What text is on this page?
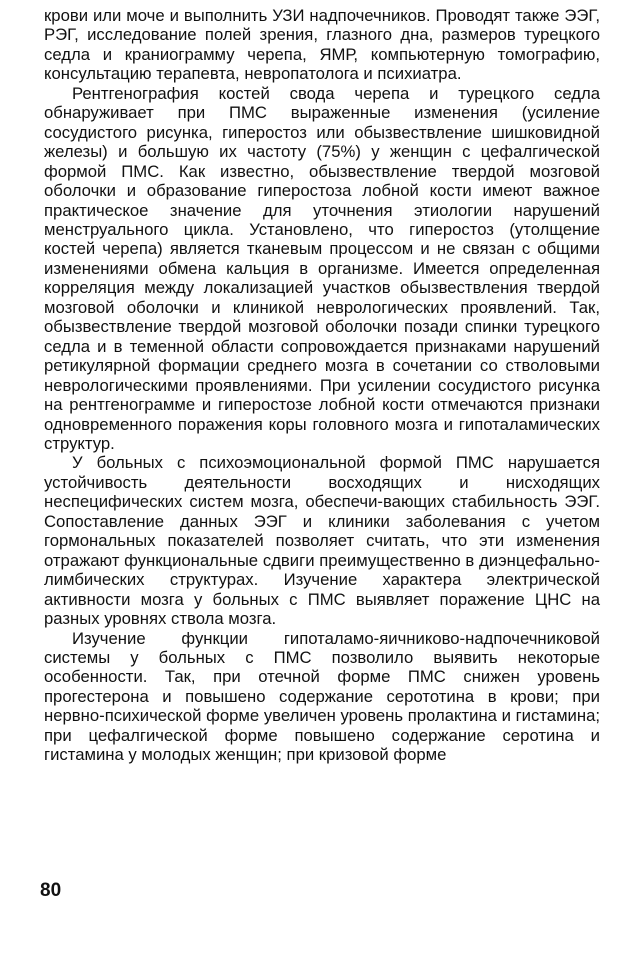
крови или моче и выполнить УЗИ надпочечников. Проводят также ЭЭГ, РЭГ, исследование полей зрения, глазного дна, размеров турецкого седла и краниограмму черепа, ЯМР, компьютерную томографию, консультацию терапевта, невропатолога и психиатра.

Рентгенография костей свода черепа и турецкого седла обнаруживает при ПМС выраженные изменения (усиление сосудистого рисунка, гиперостоз или обызвествление шишковидной железы) и большую их частоту (75%) у женщин с цефалгической формой ПМС. Как известно, обызвествление твердой мозговой оболочки и образование гиперостоза лобной кости имеют важное практическое значение для уточнения этиологии нарушений менструального цикла. Установлено, что гиперостоз (утолщение костей черепа) является тканевым процессом и не связан с общими изменениями обмена кальция в организме. Имеется определенная корреляция между локализацией участков обызвествления твердой мозговой оболочки и клиникой неврологических проявлений. Так, обызвествление твердой мозговой оболочки позади спинки турецкого седла и в теменной области сопровождается признаками нарушений ретикулярной формации среднего мозга в сочетании со стволовыми неврологическими проявлениями. При усилении сосудистого рисунка на рентгенограмме и гиперостозе лобной кости отмечаются признаки одновременного поражения коры головного мозга и гипоталамических структур.

У больных с психоэмоциональной формой ПМС нарушается устойчивость деятельности восходящих и нисходящих неспецифических систем мозга, обеспечи-вающих стабильность ЭЭГ. Сопоставление данных ЭЭГ и клиники заболевания с учетом гормональных показателей позволяет считать, что эти изменения отражают функциональные сдвиги преимущественно в диэнцефально-лимбических структурах. Изучение характера электрической активности мозга у больных с ПМС выявляет поражение ЦНС на разных уровнях ствола мозга.

Изучение функции гипоталамо-яичниково-надпочечниковой системы у больных с ПМС позволило выявить некоторые особенности. Так, при отечной форме ПМС снижен уровень прогестерона и повышено содержание серототина в крови; при нервно-психической форме увеличен уровень пролактина и гистамина; при цефалгической форме повышено содержание серотина и гистамина у молодых женщин; при кризовой форме

80
